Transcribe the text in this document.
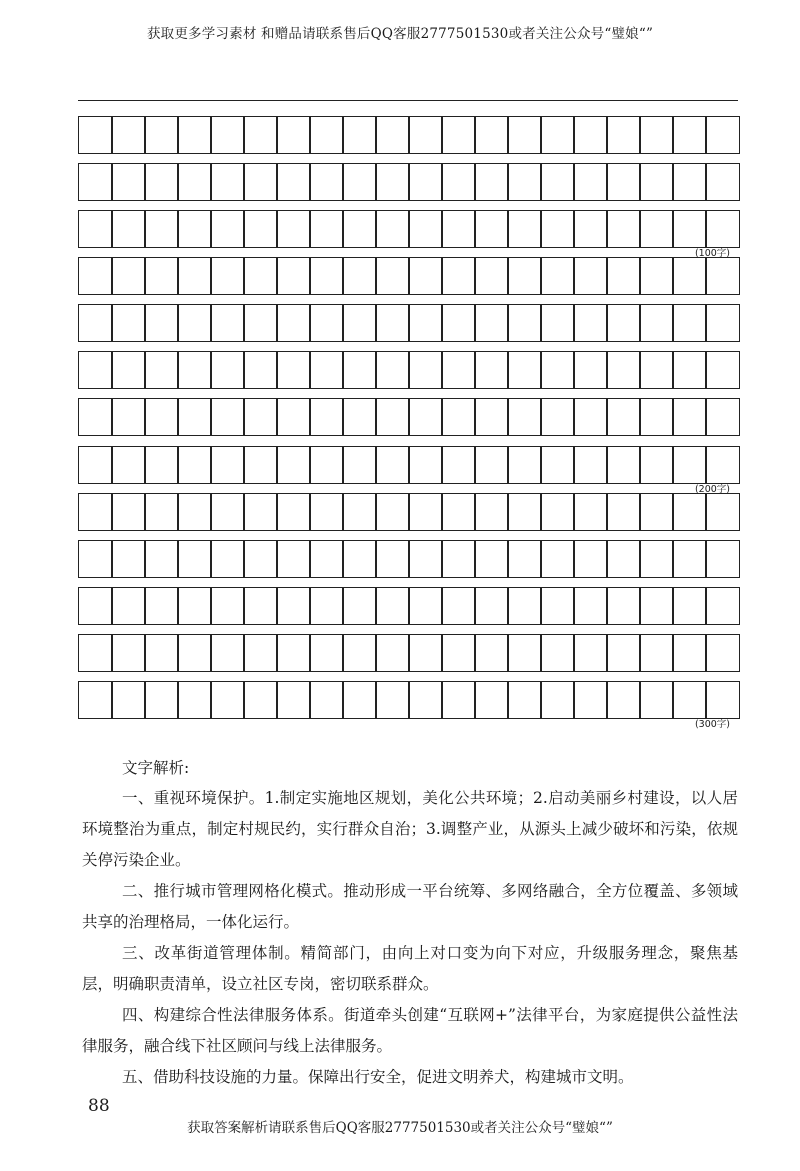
获取更多学习素材 和赠品请联系售后QQ客服2777501530或者关注公众号“璧娘“”
(100字)
(200字)
(300字)
文字解析:

一、重视环境保护。1.制定实施地区规划，美化公共环境；2.启动美丽乡村建设，以人居环境整治为重点，制定村规民约，实行群众自治；3.调整产业，从源头上减少破坏和污染，依规关停污染企业。

二、推行城市管理网格化模式。推动形成一平台统筹、多网络融合，全方位覆盖、多领域共享的治理格局，一体化运行。

三、改革街道管理体制。精简部门，由向上对口变为向下对应，升级服务理念，聚焦基层，明确职责清单，设立社区专岗，密切联系群众。

四、构建综合性法律服务体系。街道牵头创建“互联网+”法律平台，为家庭提供公益性法律服务，融合线下社区顾问与线上法律服务。

五、借助科技设施的力量。保障出行安全，促进文明养犬，构建城市文明。

88
获取答案解析请联系售后QQ客服2777501530或者关注公众号“璧娘“”
